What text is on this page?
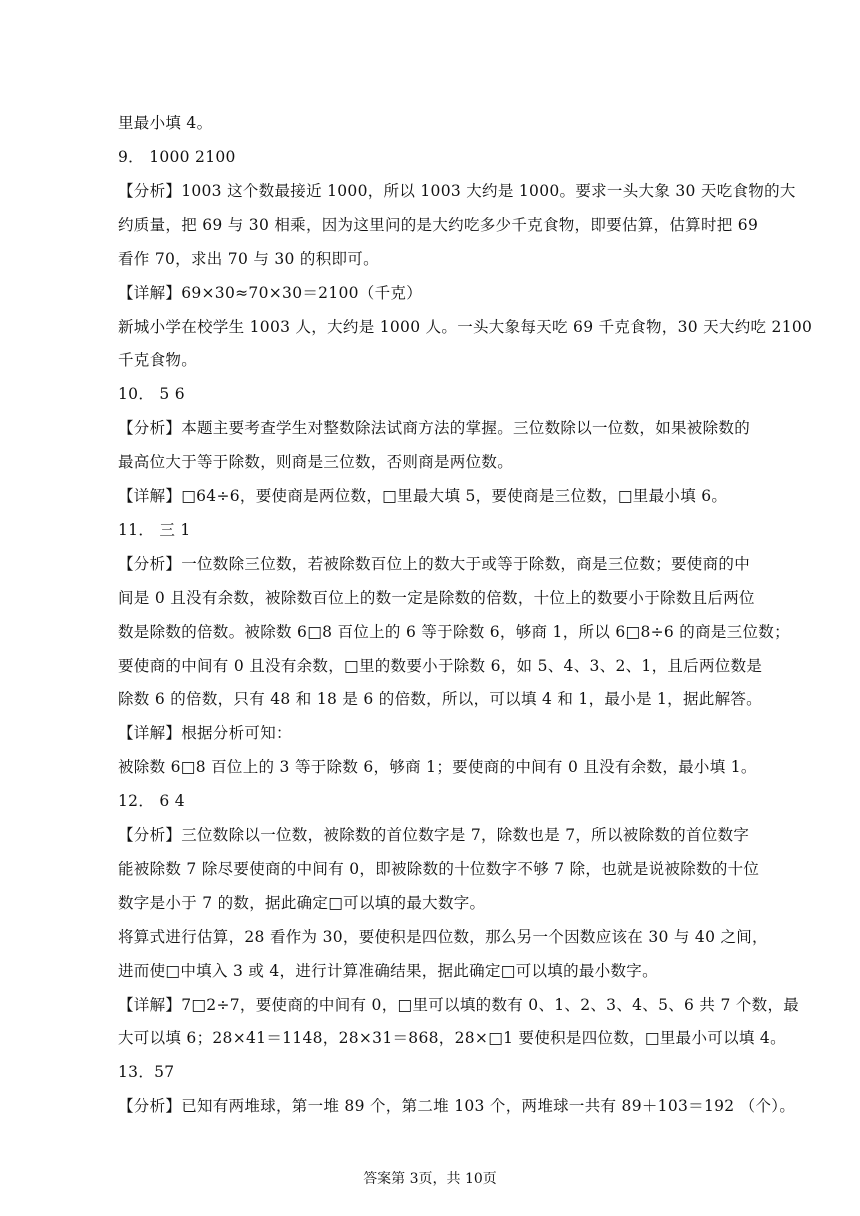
里最小填 4。
9． 1000 2100
【分析】1003 这个数最接近 1000，所以 1003 大约是 1000。要求一头大象 30 天吃食物的大
约质量，把 69 与 30 相乘，因为这里问的是大约吃多少千克食物，即要估算，估算时把 69
看作 70，求出 70 与 30 的积即可。
【详解】69×30≈70×30＝2100（千克）
新城小学在校学生 1003 人，大约是 1000 人。一头大象每天吃 69 千克食物，30 天大约吃 2100
千克食物。
10． 5 6
【分析】本题主要考查学生对整数除法试商方法的掌握。三位数除以一位数，如果被除数的
最高位大于等于除数，则商是三位数，否则商是两位数。
【详解】□64÷6，要使商是两位数，□里最大填 5，要使商是三位数，□里最小填 6。
11． 三 1
【分析】一位数除三位数，若被除数百位上的数大于或等于除数，商是三位数；要使商的中
间是 0 且没有余数，被除数百位上的数一定是除数的倍数，十位上的数要小于除数且后两位
数是除数的倍数。被除数 6□8 百位上的 6 等于除数 6，够商 1，所以 6□8÷6 的商是三位数；
要使商的中间有 0 且没有余数，□里的数要小于除数 6，如 5、4、3、2、1，且后两位数是
除数 6 的倍数，只有 48 和 18 是 6 的倍数，所以，可以填 4 和 1，最小是 1，据此解答。
【详解】根据分析可知：
被除数 6□8 百位上的 3 等于除数 6，够商 1；要使商的中间有 0 且没有余数，最小填 1。
12． 6 4
【分析】三位数除以一位数，被除数的首位数字是 7，除数也是 7，所以被除数的首位数字
能被除数 7 除尽要使商的中间有 0，即被除数的十位数字不够 7 除，也就是说被除数的十位
数字是小于 7 的数，据此确定□可以填的最大数字。
将算式进行估算，28 看作为 30，要使积是四位数，那么另一个因数应该在 30 与 40 之间，
进而使□中填入 3 或 4，进行计算准确结果，据此确定□可以填的最小数字。
【详解】7□2÷7，要使商的中间有 0，□里可以填的数有 0、1、2、3、4、5、6 共 7 个数，最
大可以填 6；28×41＝1148，28×31＝868，28×□1 要使积是四位数，□里最小可以填 4。
13．57
【分析】已知有两堆球，第一堆 89 个，第二堆 103 个，两堆球一共有 89＋103＝192 （个）。
答案第 3页，共 10页
